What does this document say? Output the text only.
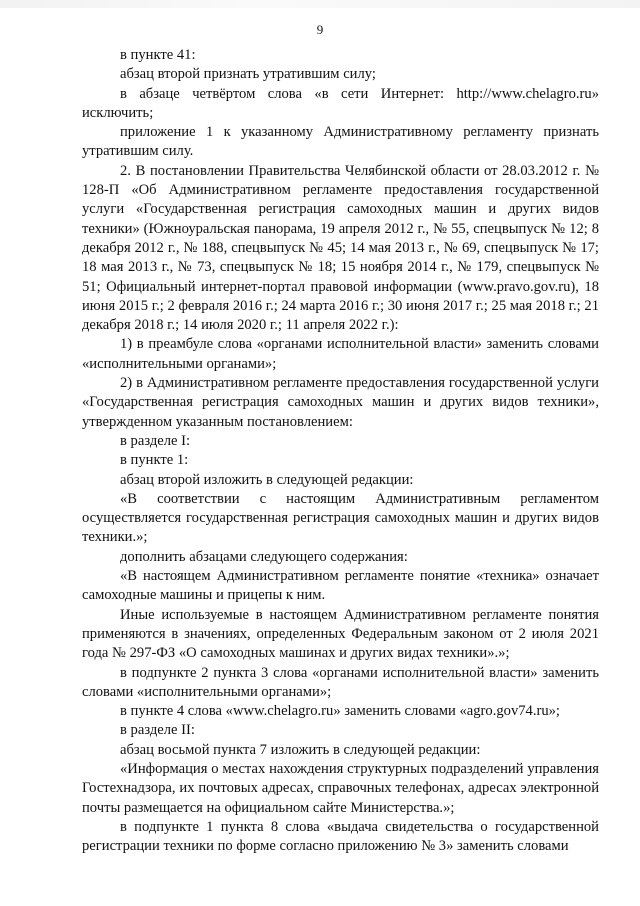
9

в пункте 41:

абзац второй признать утратившим силу;

в абзаце четвёртом слова «в сети Интернет: http://www.chelagro.ru» исключить;

приложение 1 к указанному Административному регламенту признать утратившим силу.

2. В постановлении Правительства Челябинской области от 28.03.2012 г. № 128-П «Об Административном регламенте предоставления государственной услуги «Государственная регистрация самоходных машин и других видов техники» (Южноуральская панорама, 19 апреля 2012 г., № 55, спецвыпуск № 12; 8 декабря 2012 г., № 188, спецвыпуск № 45; 14 мая 2013 г., № 69, спецвыпуск № 17; 18 мая 2013 г., № 73, спецвыпуск № 18; 15 ноября 2014 г., № 179, спецвыпуск № 51; Официальный интернет-портал правовой информации (www.pravo.gov.ru), 18 июня 2015 г.; 2 февраля 2016 г.; 24 марта 2016 г.; 30 июня 2017 г.; 25 мая 2018 г.; 21 декабря 2018 г.; 14 июля 2020 г.; 11 апреля 2022 г.):

1) в преамбуле слова «органами исполнительной власти» заменить словами «исполнительными органами»;

2) в Административном регламенте предоставления государственной услуги «Государственная регистрация самоходных машин и других видов техники», утвержденном указанным постановлением:

в разделе I:

в пункте 1:

абзац второй изложить в следующей редакции:

«В соответствии с настоящим Административным регламентом осуществляется государственная регистрация самоходных машин и других видов техники.»;

дополнить абзацами следующего содержания:

«В настоящем Административном регламенте понятие «техника» означает самоходные машины и прицепы к ним.

Иные используемые в настоящем Административном регламенте понятия применяются в значениях, определенных Федеральным законом от 2 июля 2021 года № 297-ФЗ «О самоходных машинах и других видах техники».»;

в подпункте 2 пункта 3 слова «органами исполнительной власти» заменить словами «исполнительными органами»;

в пункте 4 слова «www.chelagro.ru» заменить словами «agro.gov74.ru»;

в разделе II:

абзац восьмой пункта 7 изложить в следующей редакции:

«Информация о местах нахождения структурных подразделений управления Гостехнадзора, их почтовых адресах, справочных телефонах, адресах электронной почты размещается на официальном сайте Министерства.»;

в подпункте 1 пункта 8 слова «выдача свидетельства о государственной регистрации техники по форме согласно приложению № 3» заменить словами
